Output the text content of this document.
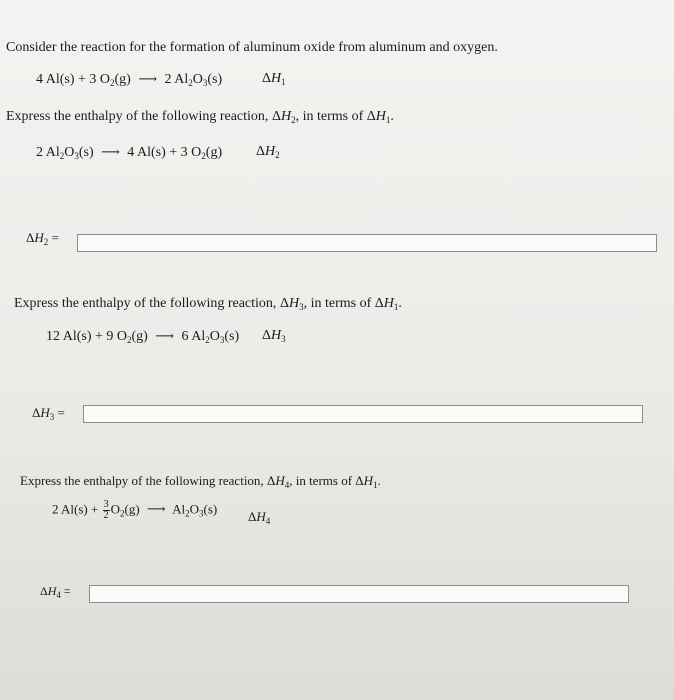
Consider the reaction for the formation of aluminum oxide from aluminum and oxygen.
4 Al(s) + 3 $O_2(g)$ ⟶ 2 $Al_2O_3(s)$	$\Delta H_1$
Express the enthalpy of the following reaction, $\Delta H_2$, in terms of $\Delta H_1$.
2 $Al_2O_3(s)$ ⟶ 4 Al(s) + 3 $O_2(g)$ $\Delta H_2$
$\Delta H_2$ =
Express the enthalpy of the following reaction, $\Delta H_3$, in terms of $\Delta H_1$.
12 Al(s) + 9 $O_2(g)$ ⟶ 6 $Al_2O_3(s)$ $\Delta H_3$
$\Delta H_3$ =
Express the enthalpy of the following reaction, $\Delta H_4$, in terms of $\Delta H_1$.
2 $Al(s) + \frac{3}{2} O_2(g)$ ⟶ $Al_2O_3(s)$
$\Delta H_4$
$\Delta H_4$ =
